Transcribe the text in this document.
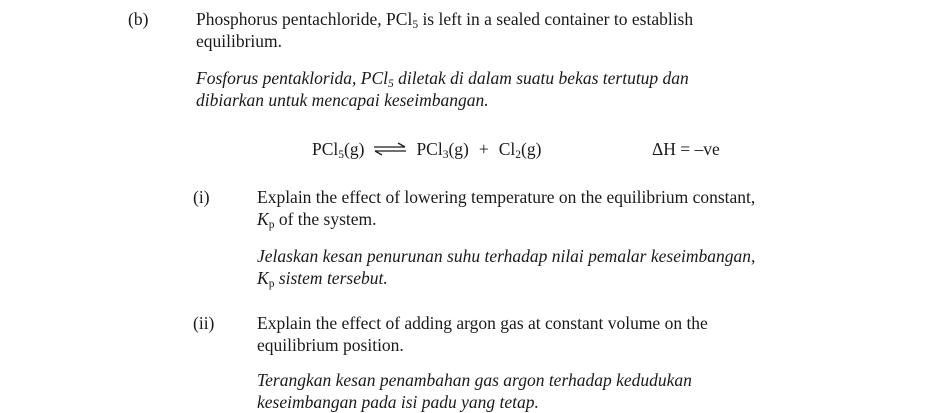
(b)	Phosphorus pentachloride, PCl$_5$ is left in a sealed container to establish
equilibrium.
Fosforus pentaklorida, PCl$_5$ diletak di dalam suatu bekas tertutup dan
dibiarkan untuk mencapai keseimbangan.
PCl$_5$(g) ⇌ $PCl_3(g) + Cl_2(g)$	ΔH = –ve
(i)	Explain the effect of lowering temperature on the equilibrium constant,
$K_p$ of the system.
Jelaskan kesan penurunan suhu terhadap nilai pemalar keseimbangan,
$K_p$ sistem tersebut.
(ii) Explain the effect of adding argon gas at constant volume on the
equilibrium position.
Terangkan kesan penambahan gas argon terhadap kedudukan
keseimbangan pada isi padu yang tetap.
